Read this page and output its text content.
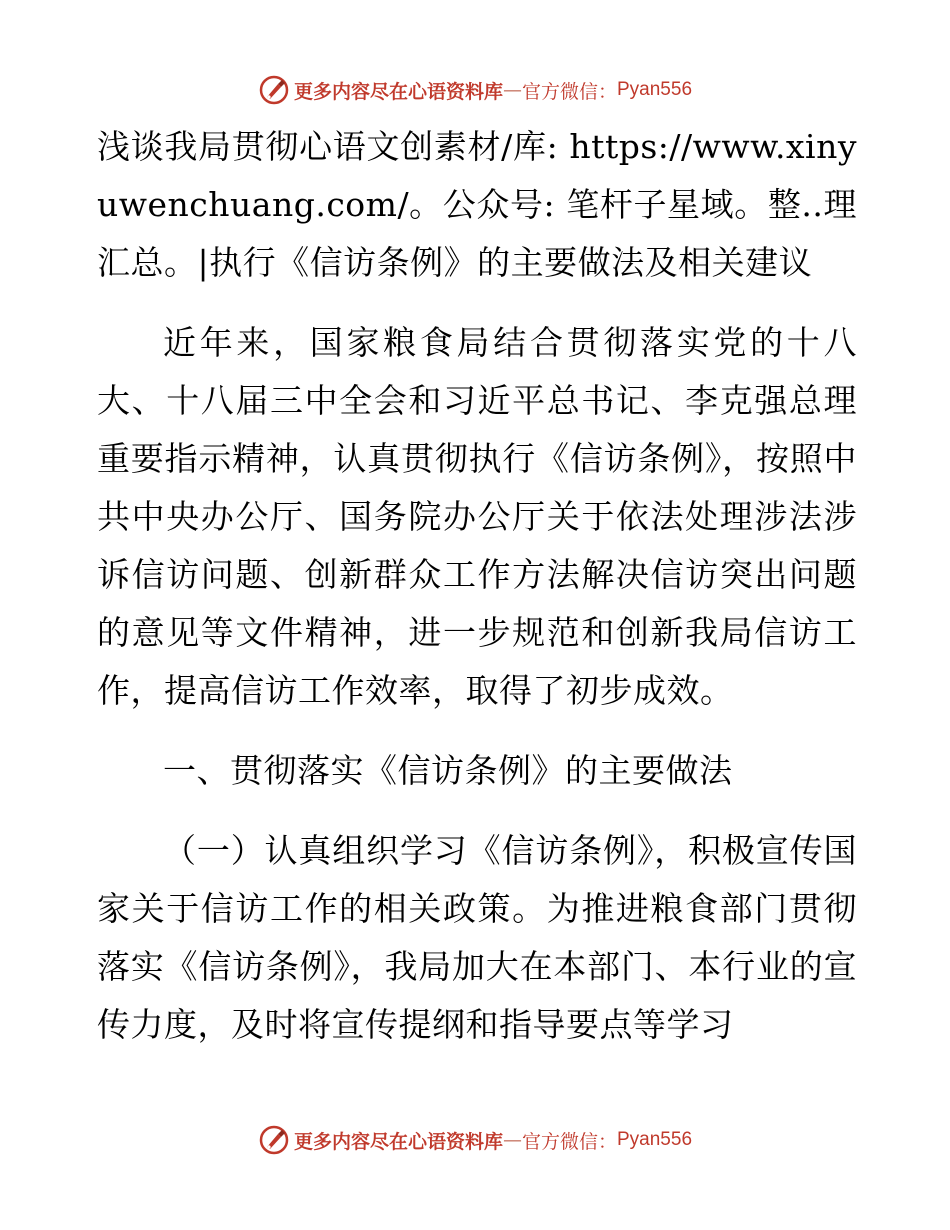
更多内容尽在心语资料库 — 官方微信： Pyan556

浅谈我局贯彻心语文创素材/库: https://www.xinyuwenchuang.com/。公众号: 笔杆子星域。整..理汇总。|执行《信访条例》的主要做法及相关建议

近年来，国家粮食局结合贯彻落实党的十八大、十八届三中全会和习近平总书记、李克强总理重要指示精神，认真贯彻执行《信访条例》，按照中共中央办公厅、国务院办公厅关于依法处理涉法涉诉信访问题、创新群众工作方法解决信访突出问题的意见等文件精神，进一步规范和创新我局信访工作，提高信访工作效率，取得了初步成效。

一、贯彻落实《信访条例》的主要做法

（一）认真组织学习《信访条例》，积极宣传国家关于信访工作的相关政策。为推进粮食部门贯彻落实《信访条例》，我局加大在本部门、本行业的宣传力度，及时将宣传提纲和指导要点等学习

更多内容尽在心语资料库 — 官方微信： Pyan556
